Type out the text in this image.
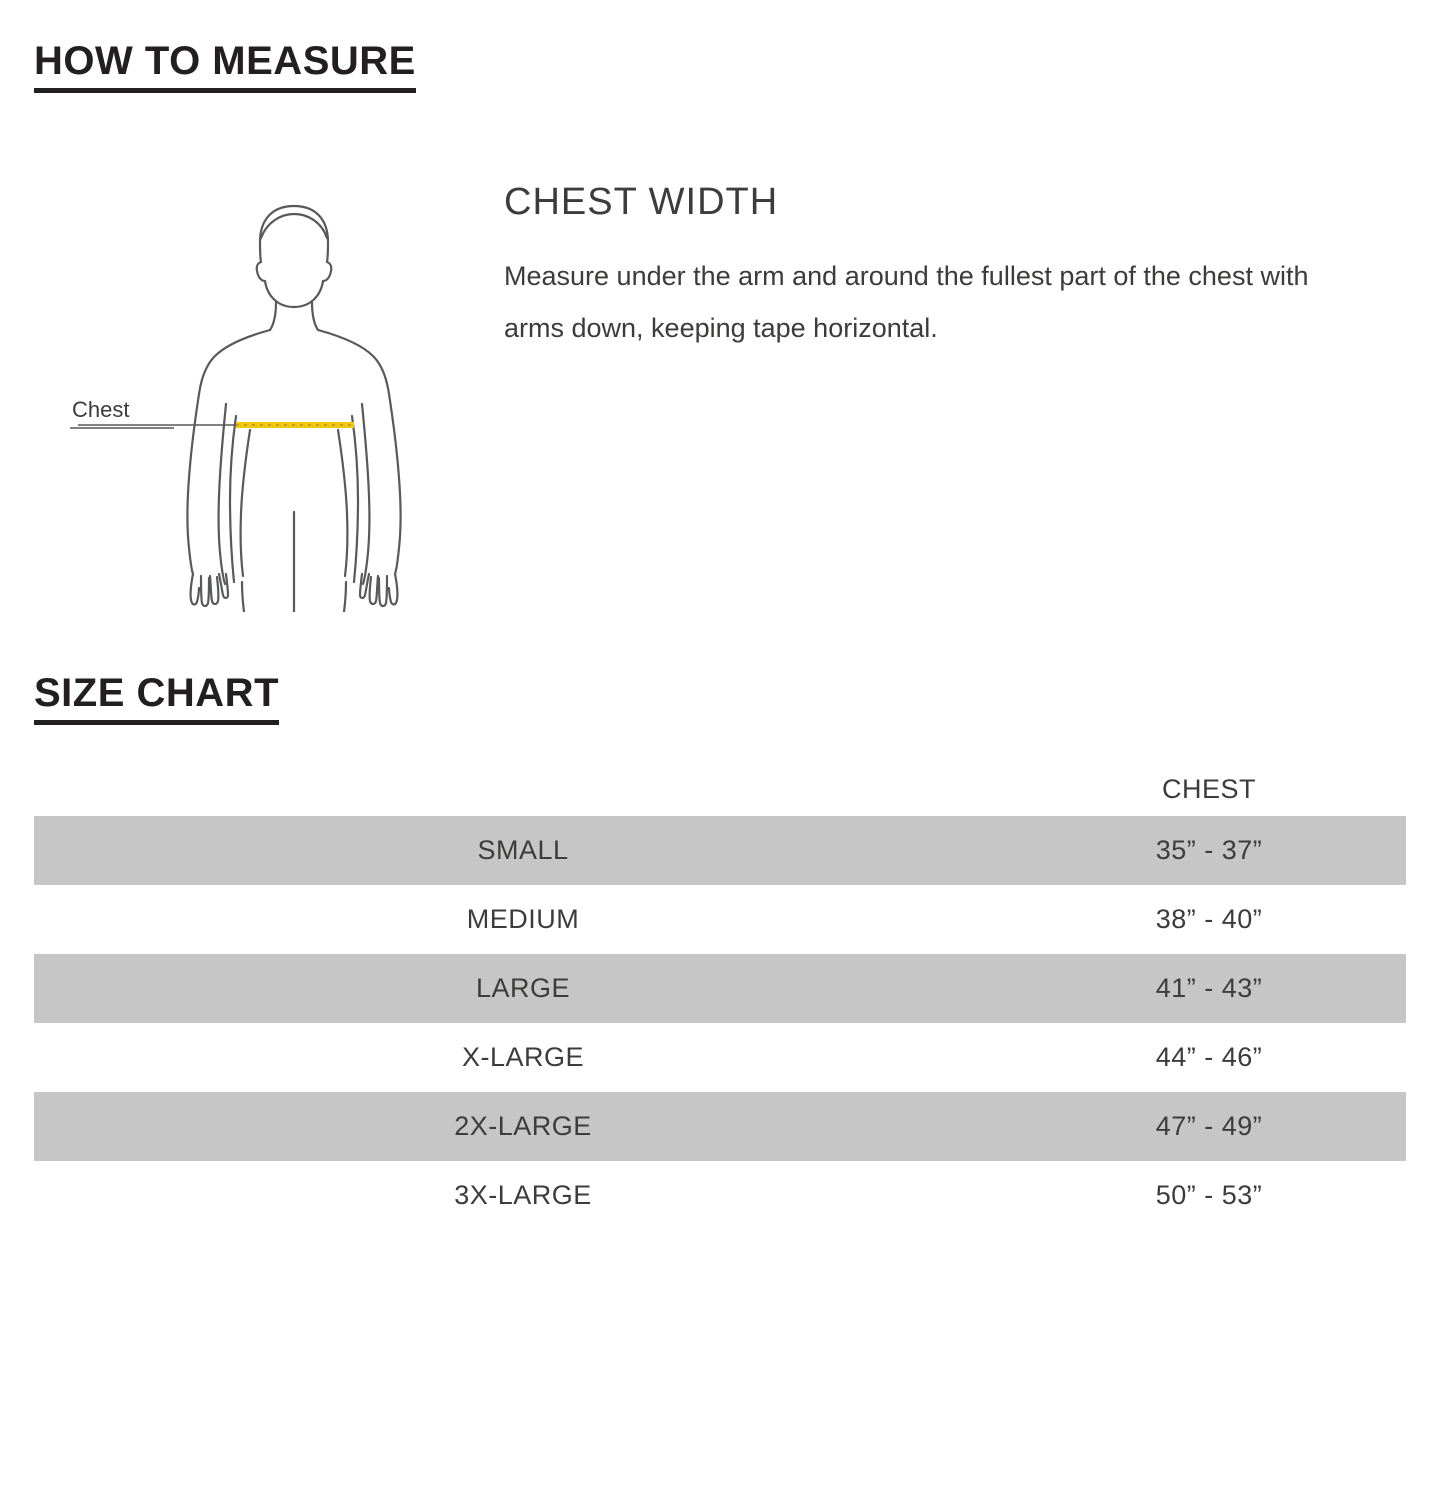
HOW TO MEASURE
Chest
CHEST WIDTH

Measure under the arm and around the fullest part of the chest with arms down, keeping tape horizontal.

SIZE CHART
	CHEST
SMALL	35” - 37”
MEDIUM	38” - 40”
LARGE	41” - 43”
X-LARGE	44” - 46”
2X-LARGE	47” - 49”
3X-LARGE	50” - 53”
